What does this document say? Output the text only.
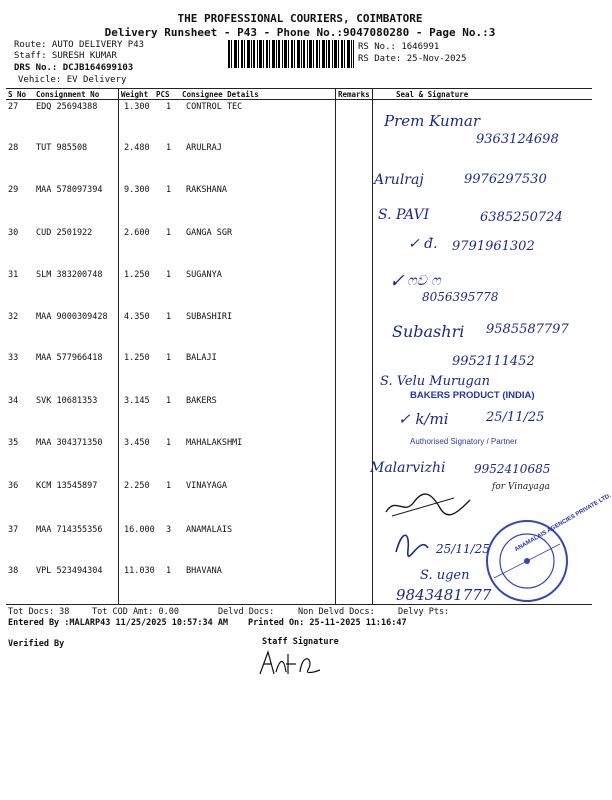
THE PROFESSIONAL COURIERS, COIMBATORE
Delivery Runsheet - P43 - Phone No.:9047080280 - Page No.:3
Route: AUTO DELIVERY P43
Staff: SURESH KUMAR
DRS No.: DCJB164699103
Vehicle: EV Delivery
RS No.: 1646991
RS Date: 25-Nov-2025
S No Consignment No	Weight PCS Consignee Details	Remarks	Seal & Signature
27 EDQ 25694388	1.300 1 CONTROL TEC
28 TUT 985508	2.480 1 ARULRAJ
29 MAA 578097394	9.300 1 RAKSHANA
30 CUD 2501922	2.600 1 GANGA SGR
31 SLM 383200748	1.250 1 SUGANYA
32 MAA 9000309428 4.350 1 SUBASHIRI
33 MAA 577966418	1.250 1 BALAJI
34 SVK 10681353	3.145 1 BAKERS
35 MAA 304371350	3.450 1 MAHALAKSHMI
36 KCM 13545897	2.250 1 VINAYAGA
37 MAA 714355356	16.000 3 ANAMALAIS
38 VPL 523494304	11.030 1 BHAVANA
Prem Kumar
9363124698
Arulraj	9976297530
S. PAVI	6385250724
✓ đ. 9791961302
✓ ෆව ෆ
8056395778
Subashri 9585587797
9952111452
S. Velu Murugan
BAKERS PRODUCT (INDIA)
✓ k/mi	25/11/25
Authorised Signatory / Partner
Malarvizhi 9952410685
for Vinayaga
ANAMALAIS AGENCIES PRIVATE LTD.
25/11/25
S. ugen
9843481777
Tot Docs: 38	Tot COD Amt: 0.00	Delvd Docs:	Non Delvd Docs:	Delvy Pts:
Entered By :MALARP43 11/25/2025 10:57:34 AM Printed On: 25-11-2025 11:16:47
Verified By	Staff Signature
